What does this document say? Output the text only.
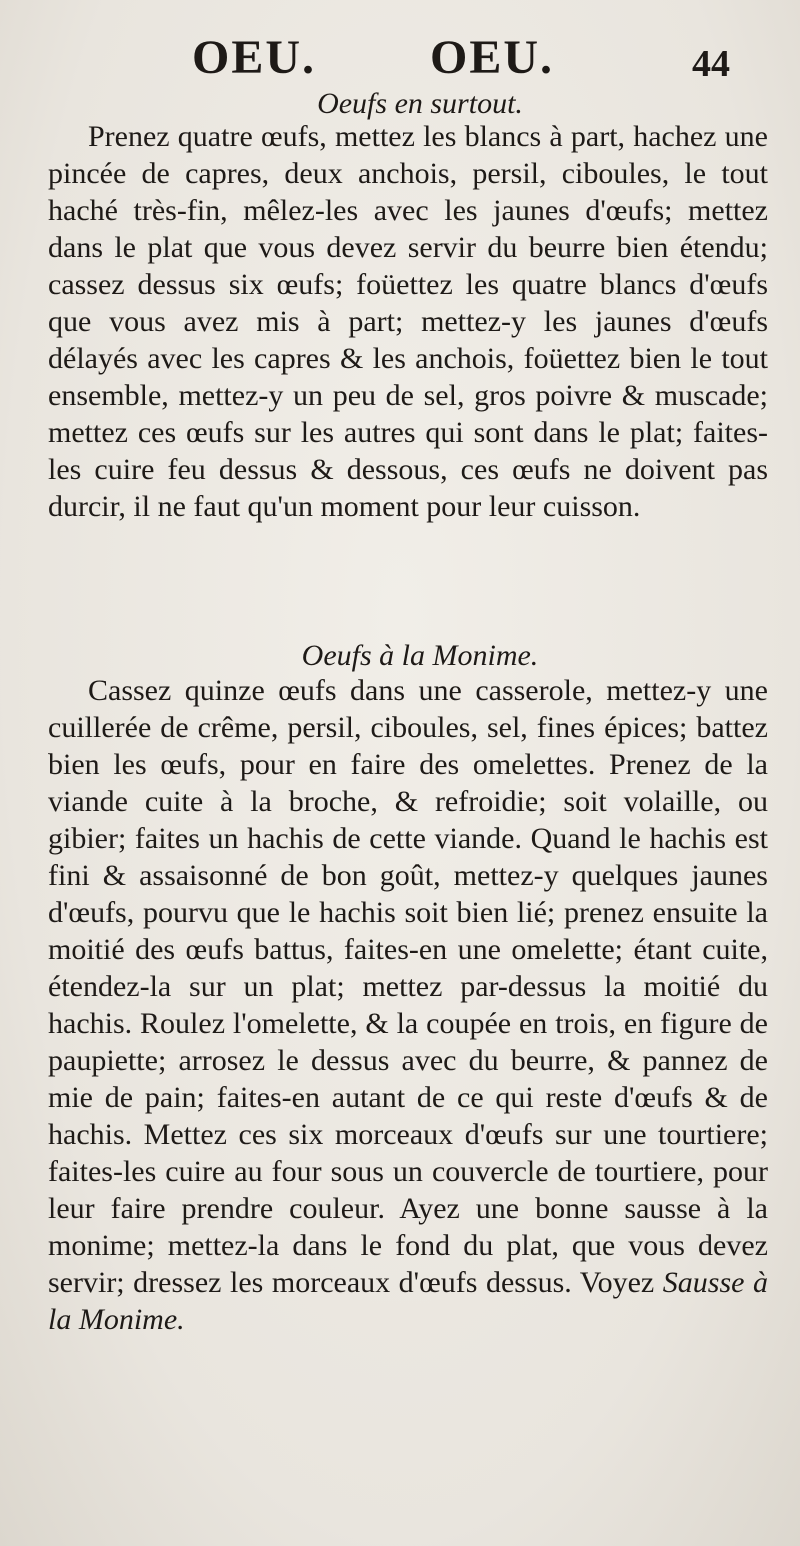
OEU. OEU.	44
Oeufs en surtout.

Prenez quatre œufs, mettez les blancs à part, hachez une pincée de capres, deux anchois, persil, ciboules, le tout haché très-fin, mêlez-les avec les jaunes d'œufs; mettez dans le plat que vous devez servir du beurre bien étendu; cassez dessus six œufs; foüettez les quatre blancs d'œufs que vous avez mis à part; mettez-y les jaunes d'œufs délayés avec les capres & les anchois, foüettez bien le tout ensemble, mettez-y un peu de sel, gros poivre & muscade; mettez ces œufs sur les autres qui sont dans le plat; faites-les cuire feu dessus & dessous, ces œufs ne doivent pas durcir, il ne faut qu'un moment pour leur cuisson.

Oeufs à la Monime.

Cassez quinze œufs dans une casserole, mettez-y une cuillerée de crême, persil, ciboules, sel, fines épices; battez bien les œufs, pour en faire des omelettes. Prenez de la viande cuite à la broche, & refroidie; soit volaille, ou gibier; faites un hachis de cette viande. Quand le hachis est fini & assaisonné de bon goût, mettez-y quelques jaunes d'œufs, pourvu que le hachis soit bien lié; prenez ensuite la moitié des œufs battus, faites-en une omelette; étant cuite, étendez-la sur un plat; mettez par-dessus la moitié du hachis. Roulez l'omelette, & la coupée en trois, en figure de paupiette; arrosez le dessus avec du beurre, & pannez de mie de pain; faites-en autant de ce qui reste d'œufs & de hachis. Mettez ces six morceaux d'œufs sur une tourtiere; faites-les cuire au four sous un couvercle de tourtiere, pour leur faire prendre couleur. Ayez une bonne sausse à la monime; mettez-la dans le fond du plat, que vous devez servir; dressez les morceaux d'œufs dessus. Voyez Sausse à la Monime.
